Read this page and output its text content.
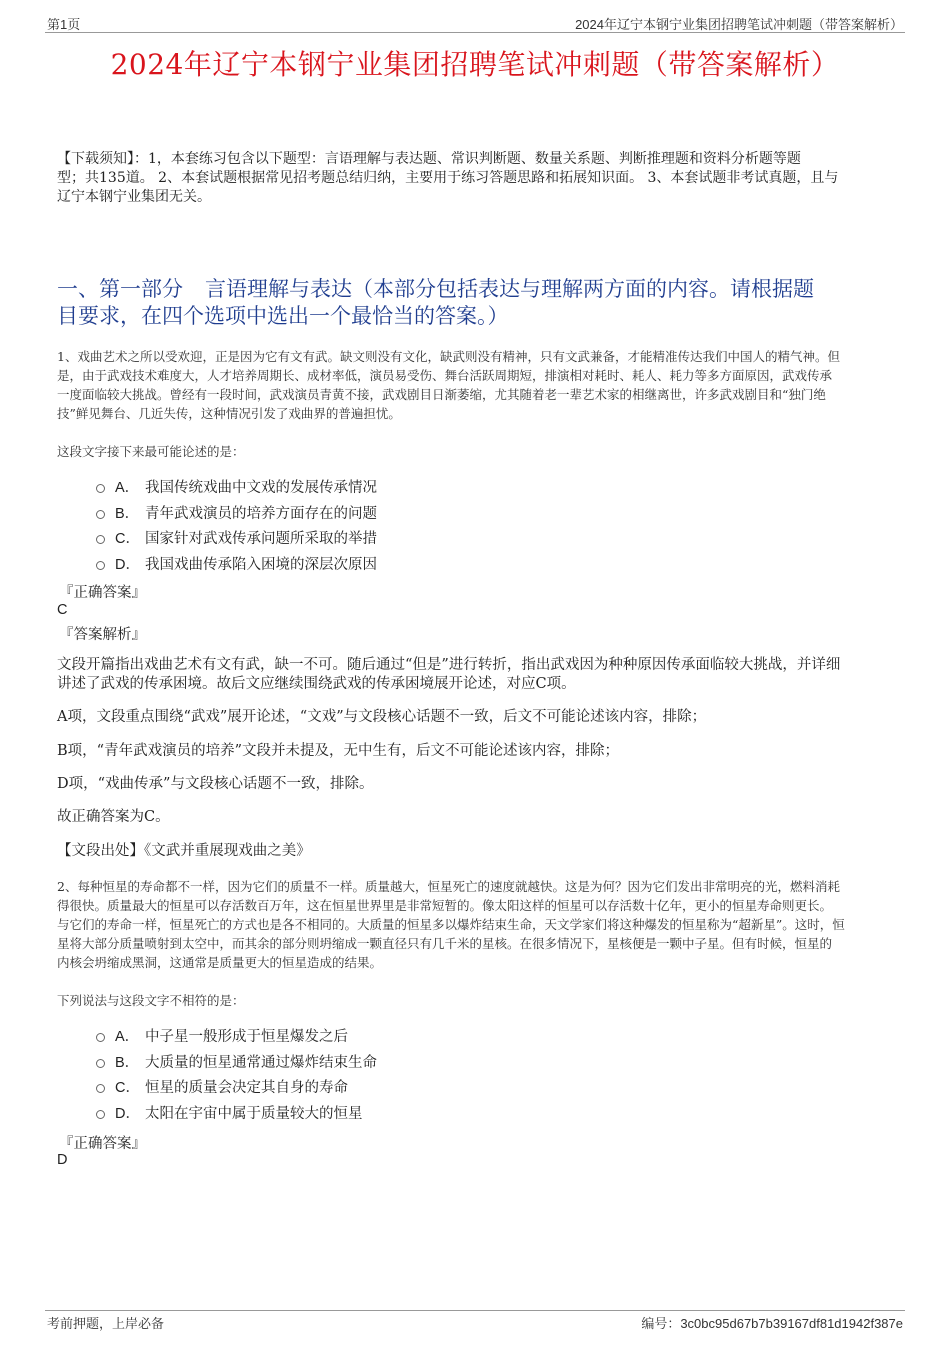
第1页	2024年辽宁本钢宁业集团招聘笔试冲刺题（带答案解析）
2024年辽宁本钢宁业集团招聘笔试冲刺题（带答案解析）
【下载须知】：1，本套练习包含以下题型：言语理解与表达题、常识判断题、数量关系题、判断推理题和资料分析题等题
型；共135道。 2、本套试题根据常见招考题总结归纳，主要用于练习答题思路和拓展知识面。 3、本套试题非考试真题，且与
辽宁本钢宁业集团无关。
一、第一部分 言语理解与表达（本部分包括表达与理解两方面的内容。请根据题
目要求，在四个选项中选出一个最恰当的答案。）
1、戏曲艺术之所以受欢迎，正是因为它有文有武。缺文则没有文化，缺武则没有精神，只有文武兼备，才能精准传达我们中国人的精气神。但
是，由于武戏技术难度大，人才培养周期长、成材率低，演员易受伤、舞台活跃周期短，排演相对耗时、耗人、耗力等多方面原因，武戏传承
一度面临较大挑战。曾经有一段时间，武戏演员青黄不接，武戏剧目日渐萎缩，尤其随着老一辈艺术家的相继离世，许多武戏剧目和“独门绝
技”鲜见舞台、几近失传，这种情况引发了戏曲界的普遍担忧。
这段文字接下来最可能论述的是：
A． 我国传统戏曲中文戏的发展传承情况
B． 青年武戏演员的培养方面存在的问题
C． 国家针对武戏传承问题所采取的举措
D． 我国戏曲传承陷入困境的深层次原因
『正确答案』
C
『答案解析』
文段开篇指出戏曲艺术有文有武，缺一不可。随后通过“但是”进行转折，指出武戏因为种种原因传承面临较大挑战，并详细
讲述了武戏的传承困境。故后文应继续围绕武戏的传承困境展开论述，对应C项。
A项，文段重点围绕“武戏”展开论述，“文戏”与文段核心话题不一致，后文不可能论述该内容，排除；
B项，“青年武戏演员的培养”文段并未提及，无中生有，后文不可能论述该内容，排除；
D项，“戏曲传承”与文段核心话题不一致，排除。
故正确答案为C。
【文段出处】《文武并重展现戏曲之美》
2、每种恒星的寿命都不一样，因为它们的质量不一样。质量越大，恒星死亡的速度就越快。这是为何？因为它们发出非常明亮的光，燃料消耗
得很快。质量最大的恒星可以存活数百万年，这在恒星世界里是非常短暂的。像太阳这样的恒星可以存活数十亿年，更小的恒星寿命则更长。
与它们的寿命一样，恒星死亡的方式也是各不相同的。大质量的恒星多以爆炸结束生命，天文学家们将这种爆发的恒星称为“超新星”。这时，恒
星将大部分质量喷射到太空中，而其余的部分则坍缩成一颗直径只有几千米的星核。在很多情况下，星核便是一颗中子星。但有时候，恒星的
内核会坍缩成黑洞，这通常是质量更大的恒星造成的结果。
下列说法与这段文字不相符的是：
A． 中子星一般形成于恒星爆发之后
B． 大质量的恒星通常通过爆炸结束生命
C． 恒星的质量会决定其自身的寿命
D． 太阳在宇宙中属于质量较大的恒星
『正确答案』
D
考前押题，上岸必备	编号：3c0bc95d67b7b39167df81d1942f387e
